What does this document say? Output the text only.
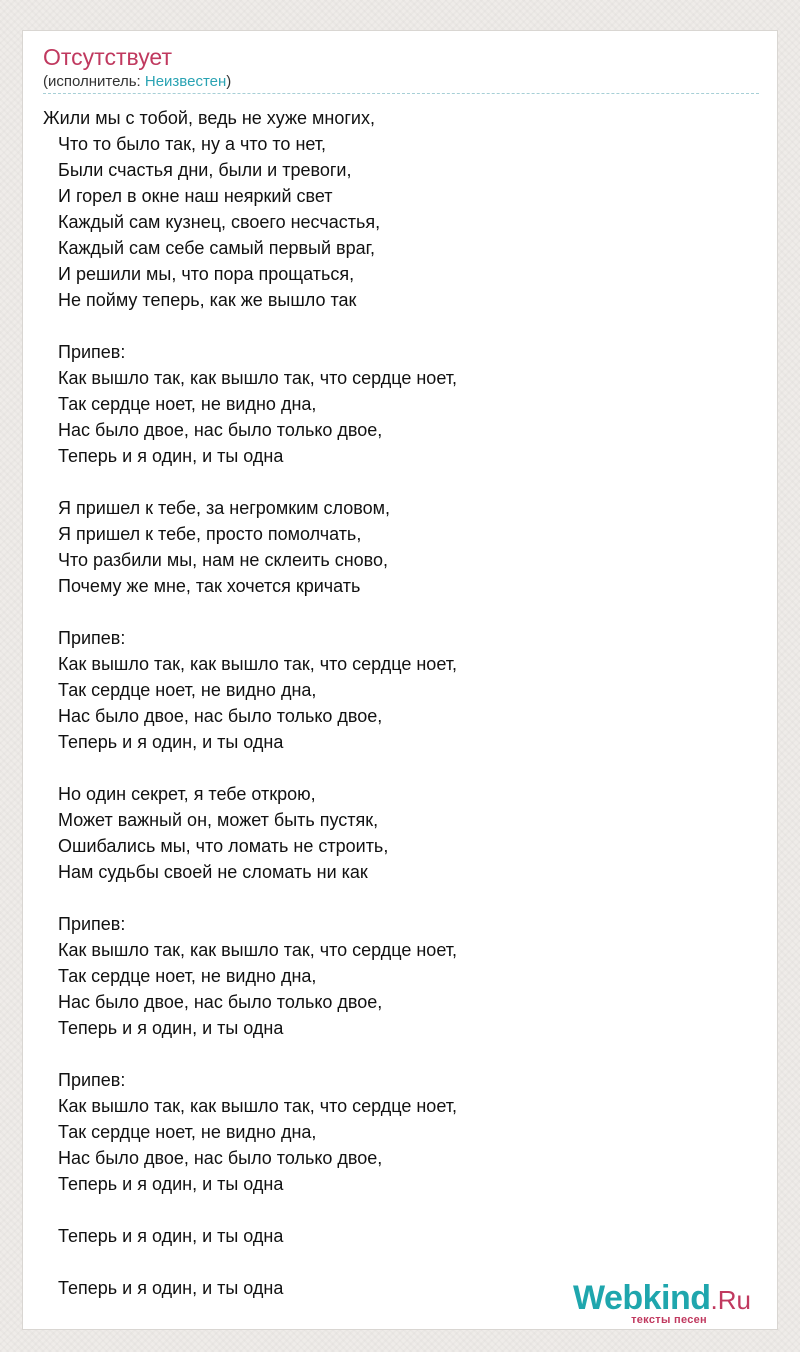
Отсутствует
(исполнитель: Неизвестен)
Жили мы с тобой, ведь не хуже многих,
Что то было так, ну а что то нет,
Были счастья дни, были и тревоги,
И горел в окне наш неяркий свет
Каждый сам кузнец, своего несчастья,
Каждый сам себе самый первый враг,
И решили мы, что пора прощаться,
Не пойму теперь, как же вышло так

Припев:
Как вышло так, как вышло так, что сердце ноет,
Так сердце ноет, не видно дна,
Нас было двое, нас было только двое,
Теперь и я один, и ты одна

Я пришел к тебе, за негромким словом,
Я пришел к тебе, просто помолчать,
Что разбили мы, нам не склеить сново,
Почему же мне, так хочется кричать

Припев:
Как вышло так, как вышло так, что сердце ноет,
Так сердце ноет, не видно дна,
Нас было двое, нас было только двое,
Теперь и я один, и ты одна

Но один секрет, я тебе открою,
Может важный он, может быть пустяк,
Ошибались мы, что ломать не строить,
Нам судьбы своей не сломать ни как

Припев:
Как вышло так, как вышло так, что сердце ноет,
Так сердце ноет, не видно дна,
Нас было двое, нас было только двое,
Теперь и я один, и ты одна

Припев:
Как вышло так, как вышло так, что сердце ноет,
Так сердце ноет, не видно дна,
Нас было двое, нас было только двое,
Теперь и я один, и ты одна

Теперь и я один, и ты одна

Теперь и я один, и ты одна	Webkind.Ru
тексты песен
